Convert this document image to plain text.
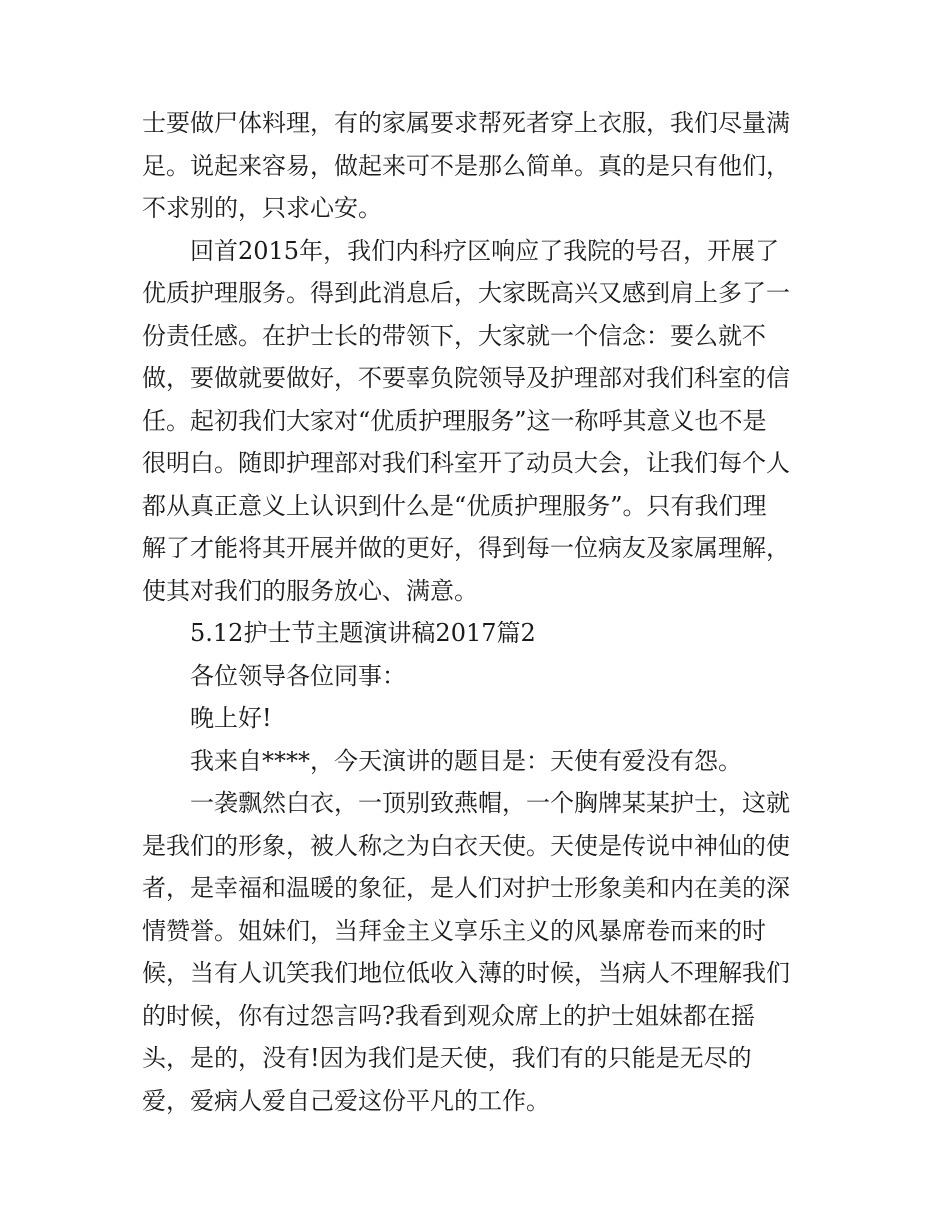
士要做尸体料理，有的家属要求帮死者穿上衣服，我们尽量满
足。说起来容易，做起来可不是那么简单。真的是只有他们，
不求别的，只求心安。
回首2015年，我们内科疗区响应了我院的号召，开展了
优质护理服务。得到此消息后，大家既高兴又感到肩上多了一
份责任感。在护士长的带领下，大家就一个信念：要么就不
做，要做就要做好，不要辜负院领导及护理部对我们科室的信
任。起初我们大家对“优质护理服务”这一称呼其意义也不是
很明白。随即护理部对我们科室开了动员大会，让我们每个人
都从真正意义上认识到什么是“优质护理服务”。只有我们理
解了才能将其开展并做的更好，得到每一位病友及家属理解，
使其对我们的服务放心、满意。
5.12护士节主题演讲稿2017篇2
各位领导各位同事：
晚上好!
我来自****，今天演讲的题目是：天使有爱没有怨。
一袭飘然白衣，一顶别致燕帽，一个胸牌某某护士，这就
是我们的形象，被人称之为白衣天使。天使是传说中神仙的使
者，是幸福和温暖的象征，是人们对护士形象美和内在美的深
情赞誉。姐妹们，当拜金主义享乐主义的风暴席卷而来的时
候，当有人讥笑我们地位低收入薄的时候，当病人不理解我们
的时候，你有过怨言吗?我看到观众席上的护士姐妹都在摇
头，是的，没有!因为我们是天使，我们有的只能是无尽的
爱，爱病人爱自己爱这份平凡的工作。
